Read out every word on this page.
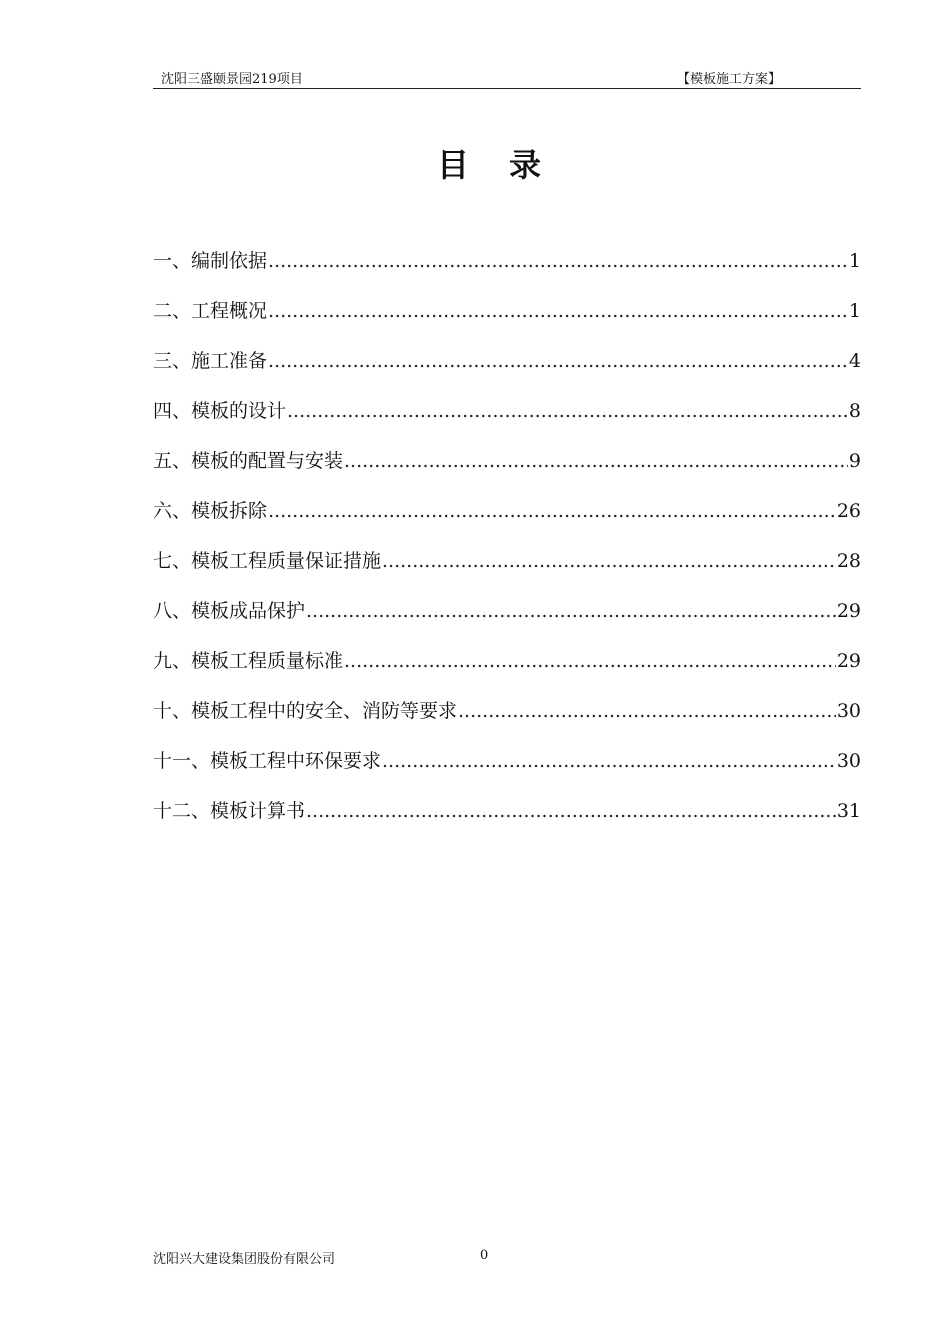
沈阳三盛颐景园219项目	【模板施工方案】
目录
一、编制依据 .....	1
二、工程概况 .....	1
三、施工准备 .....	4
四、模板的设计 .....	8
五、模板的配置与安装 .....	9
六、模板拆除 .....	26
七、模板工程质量保证措施 .....	28
八、模板成品保护 .....	29
九、模板工程质量标准 .....	29
十、模板工程中的安全、消防等要求 .....	30
十一、模板工程中环保要求 .....	30
十二、模板计算书 .....	31
沈阳兴大建设集团股份有限公司	0
